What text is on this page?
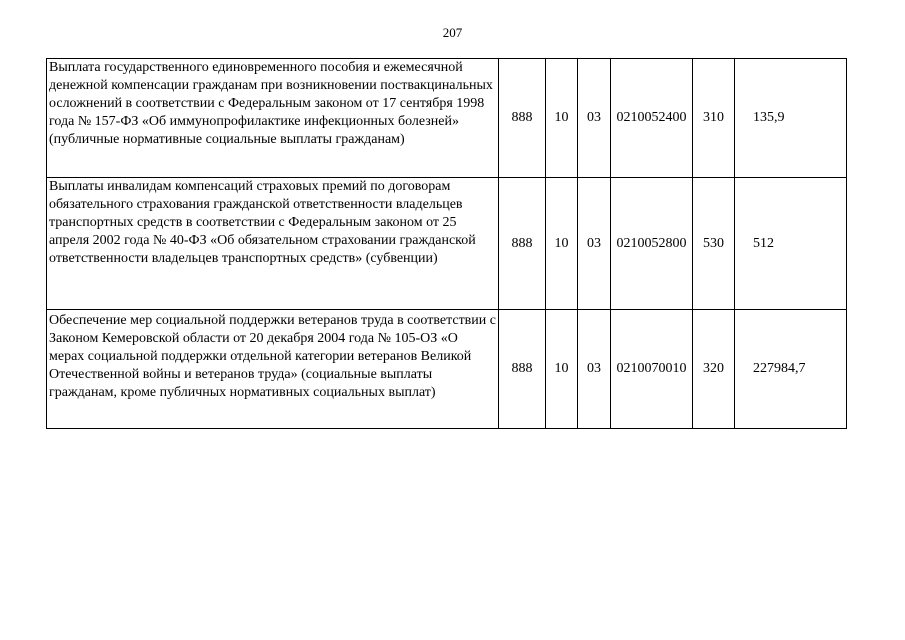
207
Выплата государственного единовременного пособия и ежемесячной денежной компенсации гражданам при возникновении поствакцинальных осложнений в соответствии с Федеральным законом от 17 сентября 1998 года № 157-ФЗ «Об иммунопрофилактике инфекционных болезней» (публичные нормативные социальные выплаты гражданам)	888	10	03	0210052400	310	135,9
Выплаты инвалидам компенсаций страховых премий по договорам обязательного страхования гражданской ответственности владельцев транспортных средств в соответствии с Федеральным законом от 25 апреля 2002 года № 40-ФЗ «Об обязательном страховании гражданской ответственности владельцев транспортных средств» (субвенции)	888	10	03	0210052800	530	512
Обеспечение мер социальной поддержки ветеранов труда в соответствии с Законом Кемеровской области от 20 декабря 2004 года № 105-ОЗ «О мерах социальной поддержки отдельной категории ветеранов Великой Отечественной войны и ветеранов труда» (социальные выплаты гражданам, кроме публичных нормативных социальных выплат)	888	10	03	0210070010	320	227984,7
